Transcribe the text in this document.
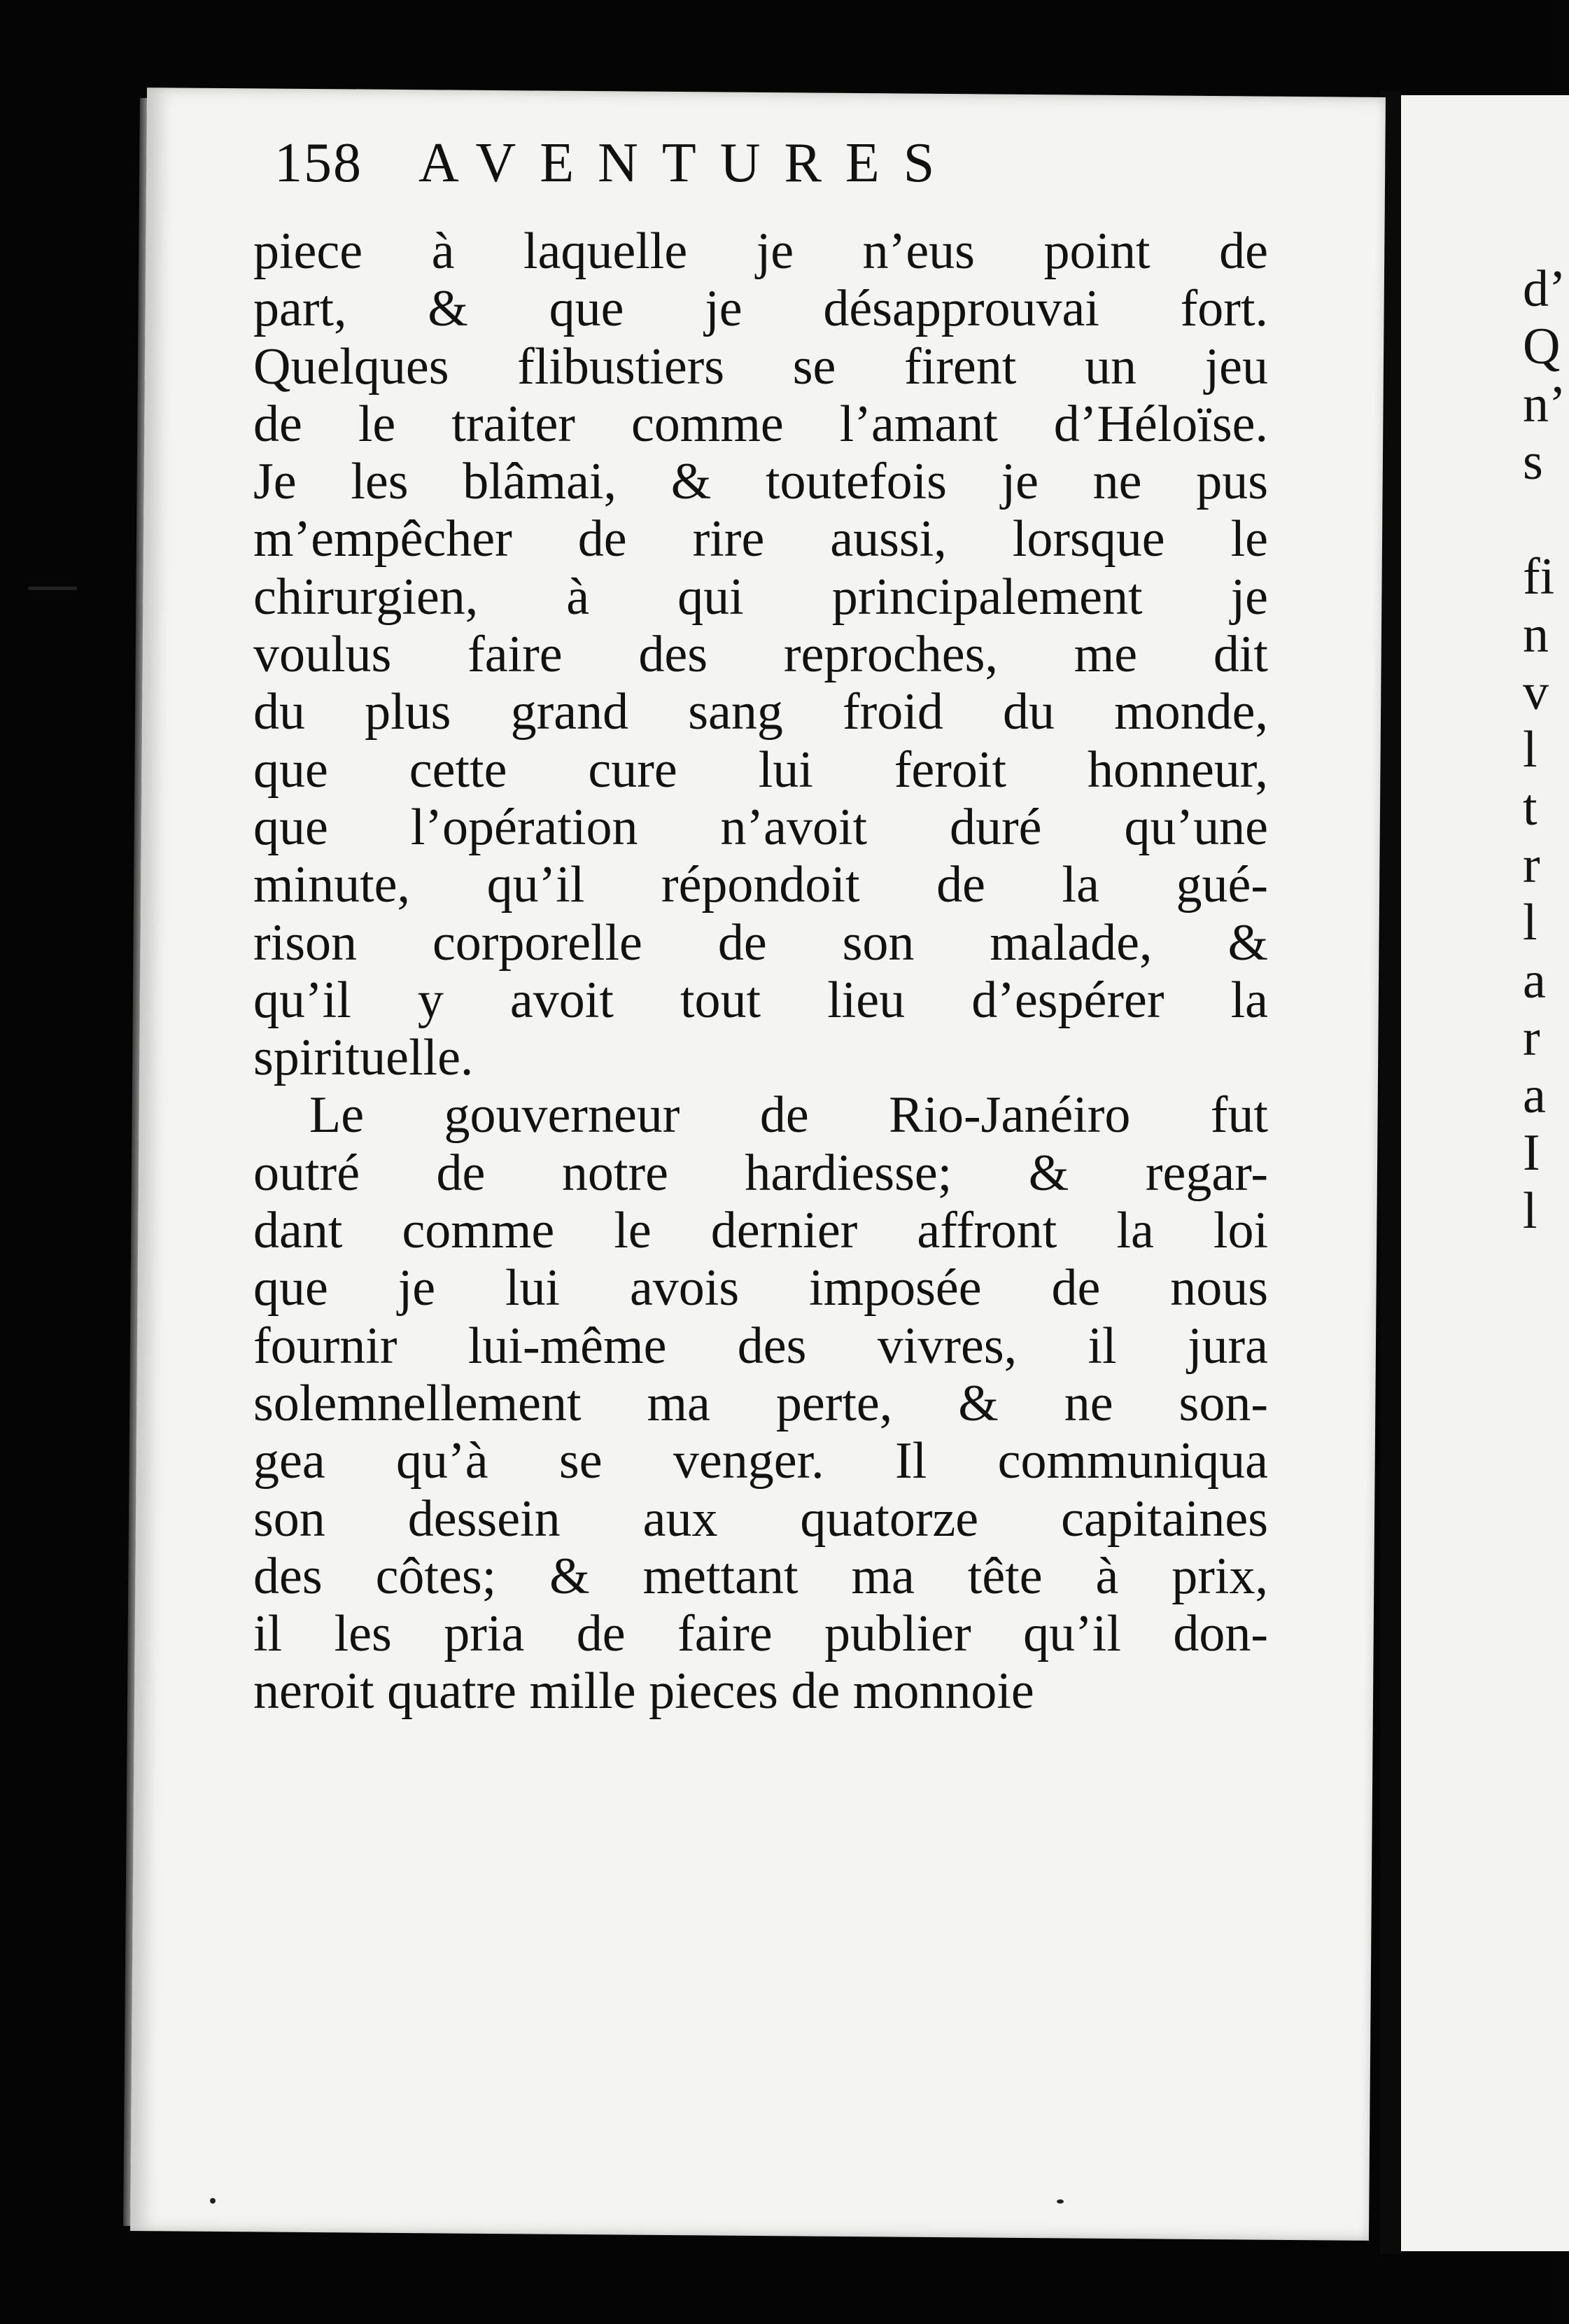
d’
Q
n’
s
fi
n
v
l
t
r
l
a
r
a
I
l
158 AVENTURES
piece à laquelle je n’eus point de
part, & que je désapprouvai fort.
Quelques flibustiers se firent un jeu
de le traiter comme l’amant d’Héloïse.
Je les blâmai, & toutefois je ne pus
m’empêcher de rire aussi, lorsque le
chirurgien, à qui principalement je
voulus faire des reproches, me dit
du plus grand sang froid du monde,
que cette cure lui feroit honneur,
que l’opération n’avoit duré qu’une
minute, qu’il répondoit de la gué-
rison corporelle de son malade, &
qu’il y avoit tout lieu d’espérer la
spirituelle.
Le gouverneur de Rio-Janéiro fut
outré de notre hardiesse; & regar-
dant comme le dernier affront la loi
que je lui avois imposée de nous
fournir lui-même des vivres, il jura
solemnellement ma perte, & ne son-
gea qu’à se venger. Il communiqua
son dessein aux quatorze capitaines
des côtes; & mettant ma tête à prix,
il les pria de faire publier qu’il don-
neroit quatre mille pieces de monnoie
